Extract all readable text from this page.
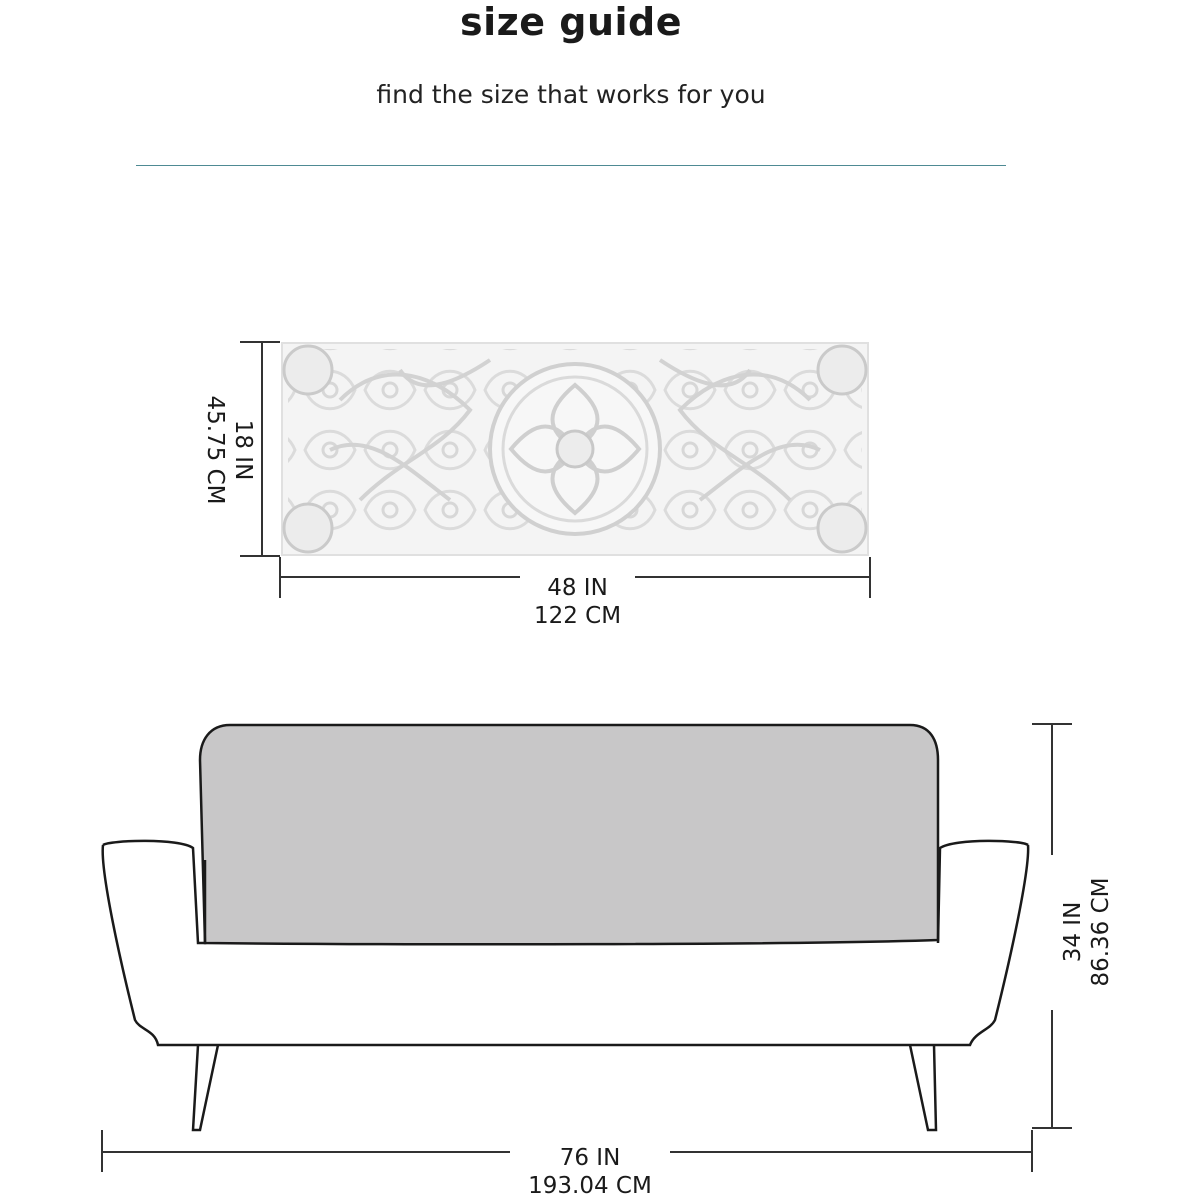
size guide
find the size that works for you
18 IN
45.75 CM
48 IN
122 CM
34 IN 86.36 CM
76 IN
193.04 CM
